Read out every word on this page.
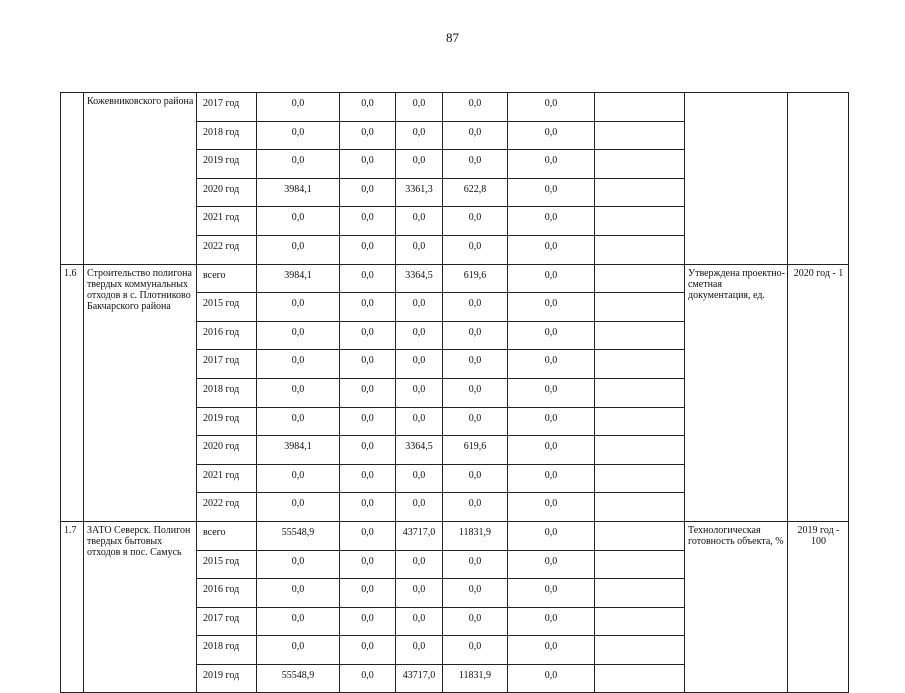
87
	Кожевниковского района	2017 год	0,0	0,0	0,0	0,0	0,0			
		2018 год	0,0	0,0	0,0	0,0	0,0			
		2019 год	0,0	0,0	0,0	0,0	0,0			
		2020 год	3984,1	0,0	3361,3	622,8	0,0			
		2021 год	0,0	0,0	0,0	0,0	0,0			
		2022 год	0,0	0,0	0,0	0,0	0,0			
1.6	Строительство полигона твердых коммунальных отходов в с. Плотниково Бакчарского района	всего	3984,1	0,0	3364,5	619,6	0,0		Утверждена проектно-сметная документация, ед.	2020 год - 1
		2015 год	0,0	0,0	0,0	0,0	0,0			
		2016 год	0,0	0,0	0,0	0,0	0,0			
		2017 год	0,0	0,0	0,0	0,0	0,0			
		2018 год	0,0	0,0	0,0	0,0	0,0			
		2019 год	0,0	0,0	0,0	0,0	0,0			
		2020 год	3984,1	0,0	3364,5	619,6	0,0			
		2021 год	0,0	0,0	0,0	0,0	0,0			
		2022 год	0,0	0,0	0,0	0,0	0,0			
1.7	ЗАТО Северск. Полигон твердых бытовых отходов в пос. Самусь	всего	55548,9	0,0	43717,0	11831,9	0,0		Технологическая готовность объекта, %	2019 год - 100
		2015 год	0,0	0,0	0,0	0,0	0,0			
		2016 год	0,0	0,0	0,0	0,0	0,0			
		2017 год	0,0	0,0	0,0	0,0	0,0			
		2018 год	0,0	0,0	0,0	0,0	0,0			
		2019 год	55548,9	0,0	43717,0	11831,9	0,0			
